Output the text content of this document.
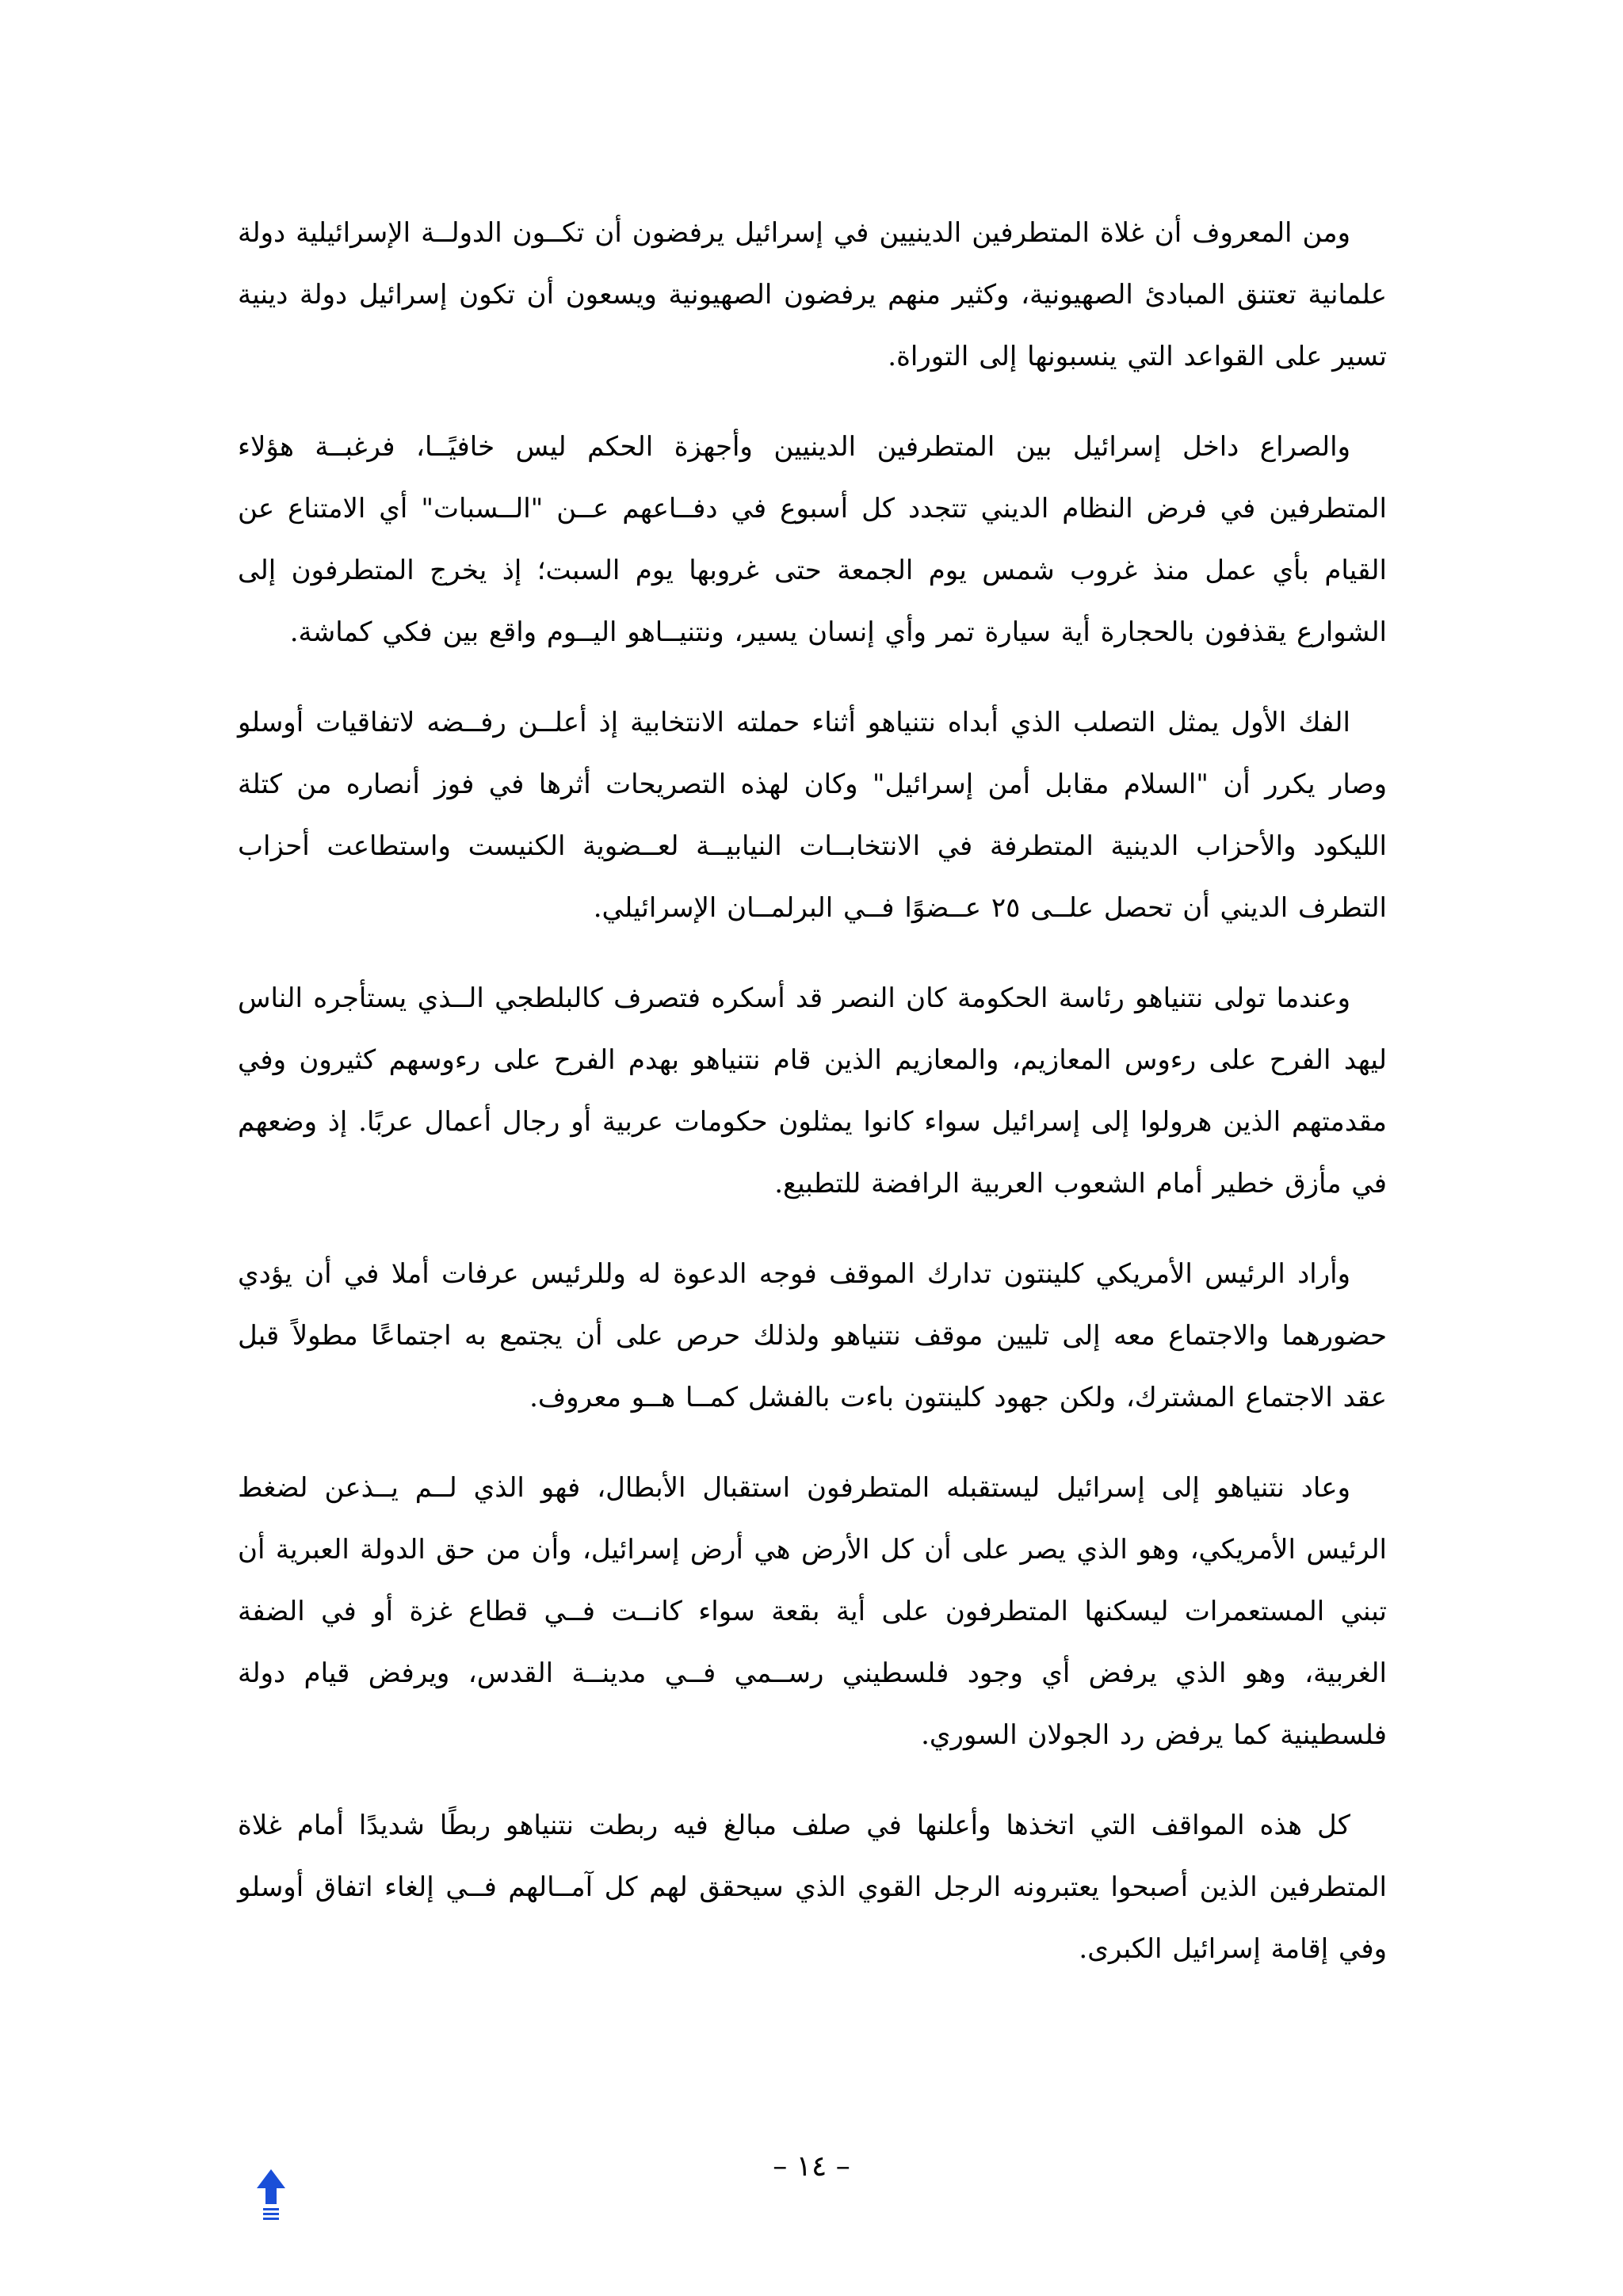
ومن المعروف أن غلاة المتطرفين الدينيين في إسرائيل يرفضون أن تكــون الدولــة الإسرائيلية دولة علمانية تعتنق المبادئ الصهيونية، وكثير منهم يرفضون الصهيونية ويسعون أن تكون إسرائيل دولة دينية تسير على القواعد التي ينسبونها إلى التوراة.

والصراع داخل إسرائيل بين المتطرفين الدينيين وأجهزة الحكم ليس خافيًــا، فرغبــة هؤلاء المتطرفين في فرض النظام الديني تتجدد كل أسبوع في دفــاعهم عــن "الــسبات" أي الامتناع عن القيام بأي عمل منذ غروب شمس يوم الجمعة حتى غروبها يوم السبت؛ إذ يخرج المتطرفون إلى الشوارع يقذفون بالحجارة أية سيارة تمر وأي إنسان يسير، ونتنيــاهو اليــوم واقع بين فكي كماشة.

الفك الأول يمثل التصلب الذي أبداه نتنياهو أثناء حملته الانتخابية إذ أعلــن رفــضه لاتفاقيات أوسلو وصار يكرر أن "السلام مقابل أمن إسرائيل" وكان لهذه التصريحات أثرها في فوز أنصاره من كتلة الليكود والأحزاب الدينية المتطرفة في الانتخابــات النيابيــة لعــضوية الكنيست واستطاعت أحزاب التطرف الديني أن تحصل علــى ٢٥ عــضوًا فــي البرلمــان الإسرائيلي.

وعندما تولى نتنياهو رئاسة الحكومة كان النصر قد أسكره فتصرف كالبلطجي الــذي يستأجره الناس ليهد الفرح على رءوس المعازيم، والمعازيم الذين قام نتنياهو بهدم الفرح على رءوسهم كثيرون وفي مقدمتهم الذين هرولوا إلى إسرائيل سواء كانوا يمثلون حكومات عربية أو رجال أعمال عربًا. إذ وضعهم في مأزق خطير أمام الشعوب العربية الرافضة للتطبيع.

وأراد الرئيس الأمريكي كلينتون تدارك الموقف فوجه الدعوة له وللرئيس عرفات أملا في أن يؤدي حضورهما والاجتماع معه إلى تليين موقف نتنياهو ولذلك حرص على أن يجتمع به اجتماعًا مطولاً قبل عقد الاجتماع المشترك، ولكن جهود كلينتون باءت بالفشل كمــا هــو معروف.

وعاد نتنياهو إلى إسرائيل ليستقبله المتطرفون استقبال الأبطال، فهو الذي لــم يــذعن لضغط الرئيس الأمريكي، وهو الذي يصر على أن كل الأرض هي أرض إسرائيل، وأن من حق الدولة العبرية أن تبني المستعمرات ليسكنها المتطرفون على أية بقعة سواء كانــت فــي قطاع غزة أو في الضفة الغربية، وهو الذي يرفض أي وجود فلسطيني رســمي فــي مدينــة القدس، ويرفض قيام دولة فلسطينية كما يرفض رد الجولان السوري.

كل هذه المواقف التي اتخذها وأعلنها في صلف مبالغ فيه ربطت نتنياهو ربطًا شديدًا أمام غلاة المتطرفين الذين أصبحوا يعتبرونه الرجل القوي الذي سيحقق لهم كل آمــالهم فــي إلغاء اتفاق أوسلو وفي إقامة إسرائيل الكبرى.

– ١٤ –
